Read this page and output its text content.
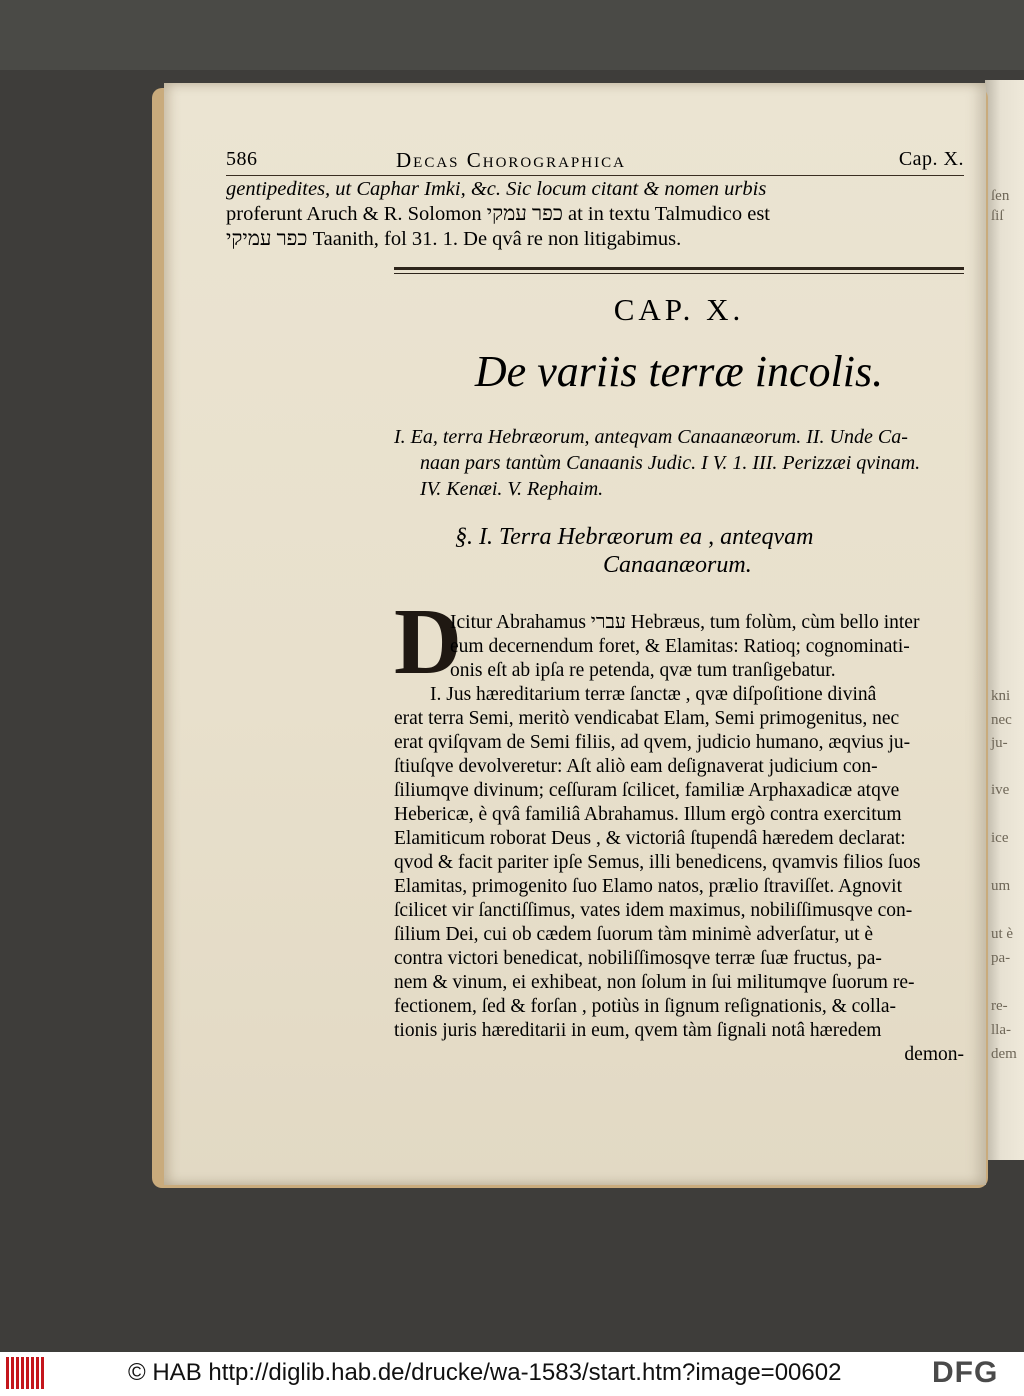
ſen
ſiſ
kni
nec
ju-
ive
ice
um
ut è
pa-
re-
lla-
dem
586	Decas Chorographica	Cap. X.
gentipedites, ut Caphar Imki, &c. Sic locum citant & nomen urbis
proferunt Aruch & R. Solomon כפר עמקי at in textu Talmudico est
כפר עמיקי Taanith, fol 31. 1. De qvâ re non litigabimus.
CAP. X.
De variis terræ incolis.
I. Ea, terra Hebræorum, anteqvam Canaanæorum. II. Unde Ca-
naan pars tantùm Canaanis Judic. I V. 1. III. Perizzæi qvinam.
IV. Kenæi. V. Rephaim.
§. I. Terra Hebræorum ea , anteqvam
Canaanæorum.
D
Icitur Abrahamus עברי Hebræus, tum folùm, cùm bello inter
eum decernendum foret, & Elamitas: Ratioq; cognominati-
onis eſt ab ipſa re petenda, qvæ tum tranſigebatur.
I. Jus hæreditarium terræ ſanctæ , qvæ diſpoſitione divinâ
erat terra Semi, meritò vendicabat Elam, Semi primogenitus, nec
erat qviſqvam de Semi filiis, ad qvem, judicio humano, æqvius ju-
ſtiuſqve devolveretur: Aſt aliò eam deſignaverat judicium con-
ſiliumqve divinum; ceſſuram ſcilicet, familiæ Arphaxadicæ atqve
Hebericæ, è qvâ familiâ Abrahamus. Illum ergò contra exercitum
Elamiticum roborat Deus , & victoriâ ſtupendâ hæredem declarat:
qvod & facit pariter ipſe Semus, illi benedicens, qvamvis filios ſuos
Elamitas, primogenito ſuo Elamo natos, prælio ſtraviſſet. Agnovit
ſcilicet vir ſanctiſſimus, vates idem maximus, nobiliſſimusqve con-
ſilium Dei, cui ob cædem ſuorum tàm minimè adverſatur, ut è
contra victori benedicat, nobiliſſimosqve terræ ſuæ fructus, pa-
nem & vinum, ei exhibeat, non ſolum in ſui militumqve ſuorum re-
fectionem, ſed & forſan , potiùs in ſignum reſignationis, & colla-
tionis juris hæreditarii in eum, qvem tàm ſignali notâ hæredem
demon-
© HAB http://diglib.hab.de/drucke/wa-1583/start.htm?image=00602	DFG
